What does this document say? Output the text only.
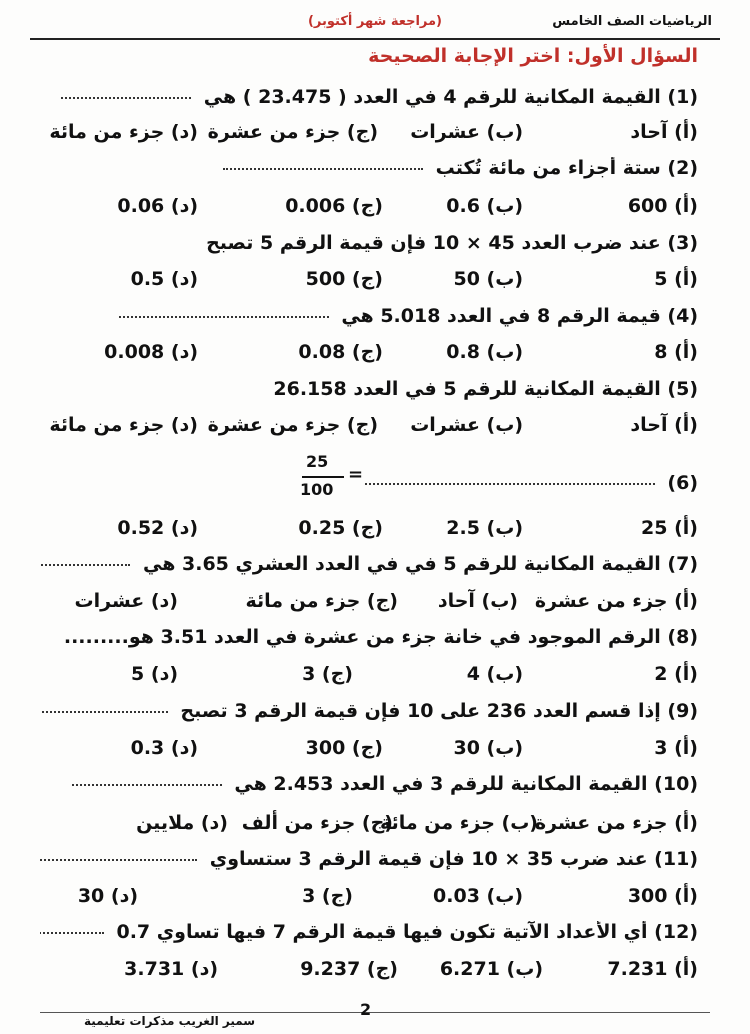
الرياضيات الصف الخامس
(مراجعة شهر أكتوبر)
السؤال الأول: اختر الإجابة الصحيحة
(1) القيمة المكانية للرقم 4 في العدد ( 23.475 ) هي
(أ) آحاد
(ب) عشرات
(ج) جزء من عشرة
(د) جزء من مائة
(2) ستة أجزاء من مائة تُكتب
(أ) 600
(ب) 0.6
(ج) 0.006
(د) 0.06
(3) عند ضرب العدد 45 × 10 فإن قيمة الرقم 5 تصبح
(أ) 5
(ب) 50
(ج) 500
(د) 0.5
(4) قيمة الرقم 8 في العدد 5.018 هي
(أ) 8
(ب) 0.8
(ج) 0.08
(د) 0.008
(5) القيمة المكانية للرقم 5 في العدد 26.158
(أ) آحاد
(ب) عشرات
(ج) جزء من عشرة
(د) جزء من مائة
25
100
=	(6)
(أ) 25
(ب) 2.5
(ج) 0.25
(د) 0.52
(7) القيمة المكانية للرقم 5 في في العدد العشري 3.65 هي
(أ) جزء من عشرة
(ب) آحاد
(ج) جزء من مائة
(د) عشرات
(8) الرقم الموجود في خانة جزء من عشرة في العدد 3.51 هو.........
(أ) 2
(ب) 4
(ج) 3
(د) 5
(9) إذا قسم العدد 236 على 10 فإن قيمة الرقم 3 تصبح
(أ) 3
(ب) 30
(ج) 300
(د) 0.3
(10) القيمة المكانية للرقم 3 في العدد 2.453 هي
(أ) جزء من عشرة
(ب) جزء من مائة
(ج) جزء من ألف
(د) ملايين
(11) عند ضرب 35 × 10 فإن قيمة الرقم 3 ستساوي
(أ) 300
(ب) 0.03
(ج) 3
(د) 30
(12) أي الأعداد الآتية تكون فيها قيمة الرقم 7 فيها تساوي 0.7
(أ) 7.231
(ب) 6.271
(ج) 9.237
(د) 3.731
2
سمير الغريب مذكرات تعليمية
